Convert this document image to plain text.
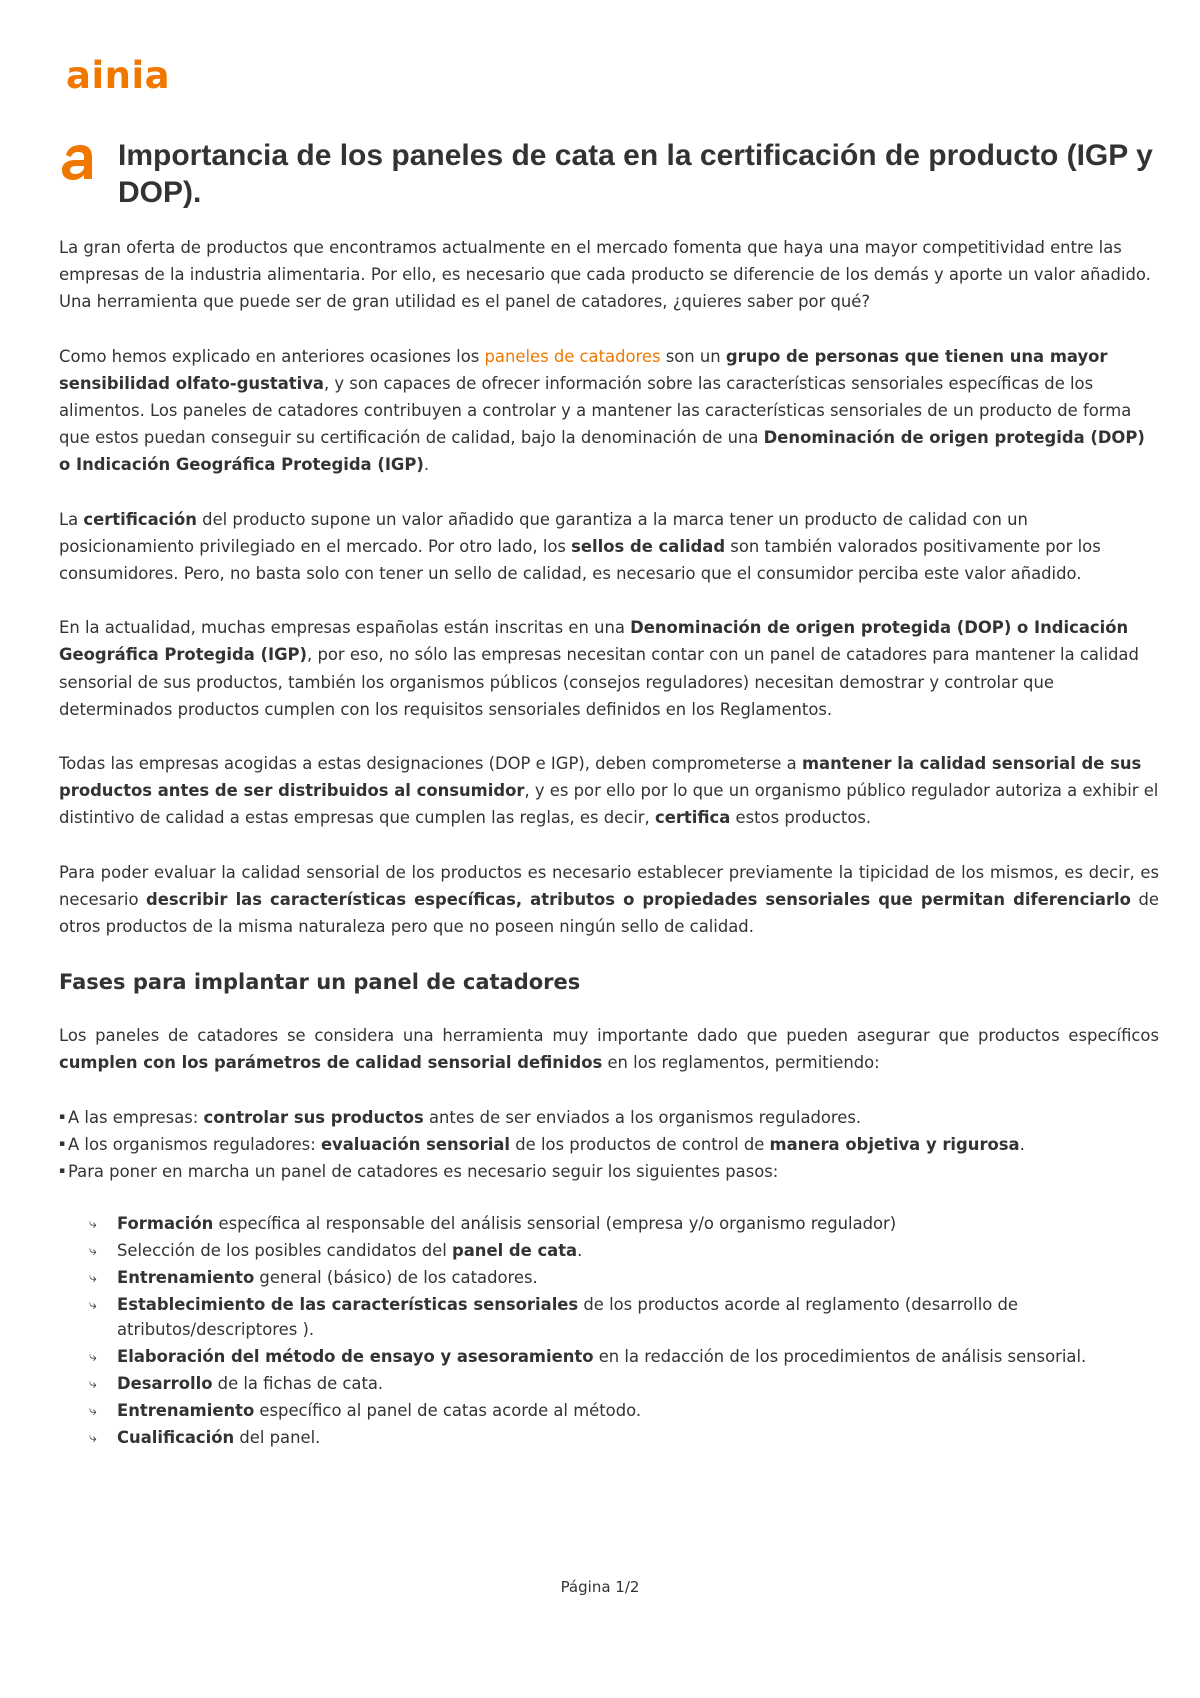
ainia
Importancia de los paneles de cata en la certificación de producto (IGP y DOP).

La gran oferta de productos que encontramos actualmente en el mercado fomenta que haya una mayor competitividad entre las empresas de la industria alimentaria. Por ello, es necesario que cada producto se diferencie de los demás y aporte un valor añadido. Una herramienta que puede ser de gran utilidad es el panel de catadores, ¿quieres saber por qué?

Como hemos explicado en anteriores ocasiones los paneles de catadores son un grupo de personas que tienen una mayor sensibilidad olfato-gustativa, y son capaces de ofrecer información sobre las características sensoriales específicas de los alimentos. Los paneles de catadores contribuyen a controlar y a mantener las características sensoriales de un producto de forma que estos puedan conseguir su certificación de calidad, bajo la denominación de una Denominación de origen protegida (DOP) o Indicación Geográfica Protegida (IGP).

La certificación del producto supone un valor añadido que garantiza a la marca tener un producto de calidad con un posicionamiento privilegiado en el mercado. Por otro lado, los sellos de calidad son también valorados positivamente por los consumidores. Pero, no basta solo con tener un sello de calidad, es necesario que el consumidor perciba este valor añadido.

En la actualidad, muchas empresas españolas están inscritas en una Denominación de origen protegida (DOP) o Indicación Geográfica Protegida (IGP), por eso, no sólo las empresas necesitan contar con un panel de catadores para mantener la calidad sensorial de sus productos, también los organismos públicos (consejos reguladores) necesitan demostrar y controlar que determinados productos cumplen con los requisitos sensoriales definidos en los Reglamentos.

Todas las empresas acogidas a estas designaciones (DOP e IGP), deben comprometerse a mantener la calidad sensorial de sus productos antes de ser distribuidos al consumidor, y es por ello por lo que un organismo público regulador autoriza a exhibir el distintivo de calidad a estas empresas que cumplen las reglas, es decir, certifica estos productos.

Para poder evaluar la calidad sensorial de los productos es necesario establecer previamente la tipicidad de los mismos, es decir, es necesario describir las características específicas, atributos o propiedades sensoriales que permitan diferenciarlo de otros productos de la misma naturaleza pero que no poseen ningún sello de calidad.

Fases para implantar un panel de catadores

Los paneles de catadores se considera una herramienta muy importante dado que pueden asegurar que productos específicos cumplen con los parámetros de calidad sensorial definidos en los reglamentos, permitiendo:

▪ A las empresas: controlar sus productos antes de ser enviados a los organismos reguladores.
▪ A los organismos reguladores: evaluación sensorial de los productos de control de manera objetiva y rigurosa.
▪ Para poner en marcha un panel de catadores es necesario seguir los siguientes pasos:
⤷ Formación específica al responsable del análisis sensorial (empresa y/o organismo regulador)
⤷ Selección de los posibles candidatos del panel de cata.
⤷ Entrenamiento general (básico) de los catadores.
⤷ Establecimiento de las características sensoriales de los productos acorde al reglamento (desarrollo de atributos/descriptores ).
⤷ Elaboración del método de ensayo y asesoramiento en la redacción de los procedimientos de análisis sensorial.
⤷ Desarrollo de la fichas de cata.
⤷ Entrenamiento específico al panel de catas acorde al método.
⤷ Cualificación del panel.
Página 1/2
